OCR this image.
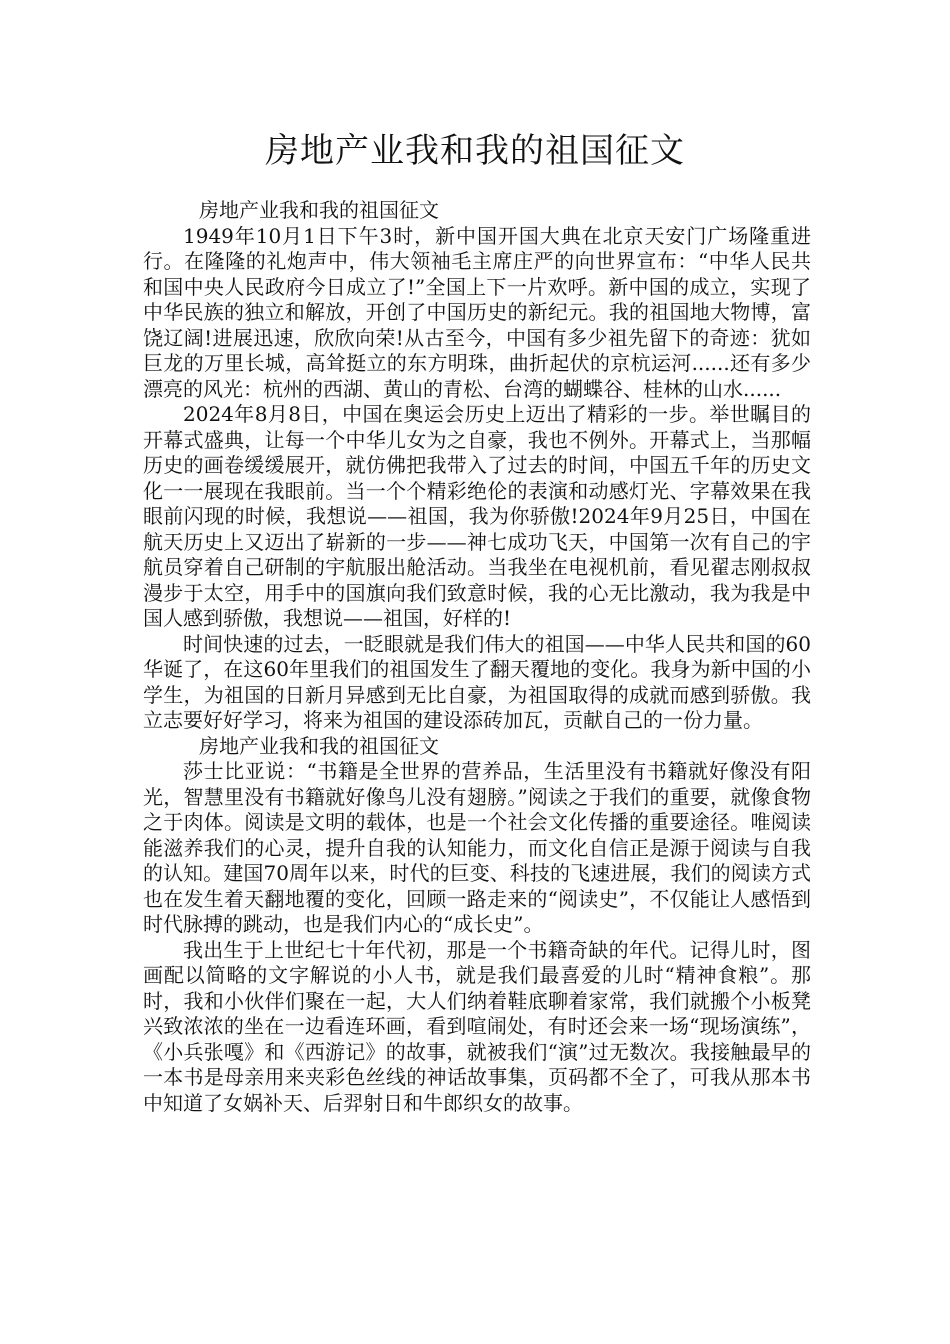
房地产业我和我的祖国征文

房地产业我和我的祖国征文

1949年10月1日下午3时，新中国开国大典在北京天安门广场隆重进行。在隆隆的礼炮声中，伟大领袖毛主席庄严的向世界宣布：“中华人民共和国中央人民政府今日成立了!”全国上下一片欢呼。新中国的成立，实现了中华民族的独立和解放，开创了中国历史的新纪元。我的祖国地大物博，富饶辽阔!进展迅速，欣欣向荣!从古至今，中国有多少祖先留下的奇迹：犹如巨龙的万里长城，高耸挺立的东方明珠，曲折起伏的京杭运河......还有多少漂亮的风光：杭州的西湖、黄山的青松、台湾的蝴蝶谷、桂林的山水......

2024年8月8日，中国在奥运会历史上迈出了精彩的一步。举世瞩目的开幕式盛典，让每一个中华儿女为之自豪，我也不例外。开幕式上，当那幅历史的画卷缓缓展开，就仿佛把我带入了过去的时间，中国五千年的历史文化一一展现在我眼前。当一个个精彩绝伦的表演和动感灯光、字幕效果在我眼前闪现的时候，我想说——祖国，我为你骄傲!2024年9月25日，中国在航天历史上又迈出了崭新的一步——神七成功飞天，中国第一次有自己的宇航员穿着自己研制的宇航服出舱活动。当我坐在电视机前，看见翟志刚叔叔漫步于太空，用手中的国旗向我们致意时候，我的心无比激动，我为我是中国人感到骄傲，我想说——祖国，好样的!

时间快速的过去，一眨眼就是我们伟大的祖国——中华人民共和国的60华诞了，在这60年里我们的祖国发生了翻天覆地的变化。我身为新中国的小学生，为祖国的日新月异感到无比自豪，为祖国取得的成就而感到骄傲。我立志要好好学习，将来为祖国的建设添砖加瓦，贡献自己的一份力量。

房地产业我和我的祖国征文

莎士比亚说：“书籍是全世界的营养品，生活里没有书籍就好像没有阳光，智慧里没有书籍就好像鸟儿没有翅膀。”阅读之于我们的重要，就像食物之于肉体。阅读是文明的载体，也是一个社会文化传播的重要途径。唯阅读能滋养我们的心灵，提升自我的认知能力，而文化自信正是源于阅读与自我的认知。建国70周年以来，时代的巨变、科技的飞速进展，我们的阅读方式也在发生着天翻地覆的变化，回顾一路走来的“阅读史”，不仅能让人感悟到时代脉搏的跳动，也是我们内心的“成长史”。

我出生于上世纪七十年代初，那是一个书籍奇缺的年代。记得儿时，图画配以简略的文字解说的小人书，就是我们最喜爱的儿时“精神食粮”。那时，我和小伙伴们聚在一起，大人们纳着鞋底聊着家常，我们就搬个小板凳兴致浓浓的坐在一边看连环画，看到喧闹处，有时还会来一场“现场演练”，《小兵张嘎》和《西游记》的故事，就被我们“演”过无数次。我接触最早的一本书是母亲用来夹彩色丝线的神话故事集，页码都不全了，可我从那本书中知道了女娲补天、后羿射日和牛郎织女的故事。
